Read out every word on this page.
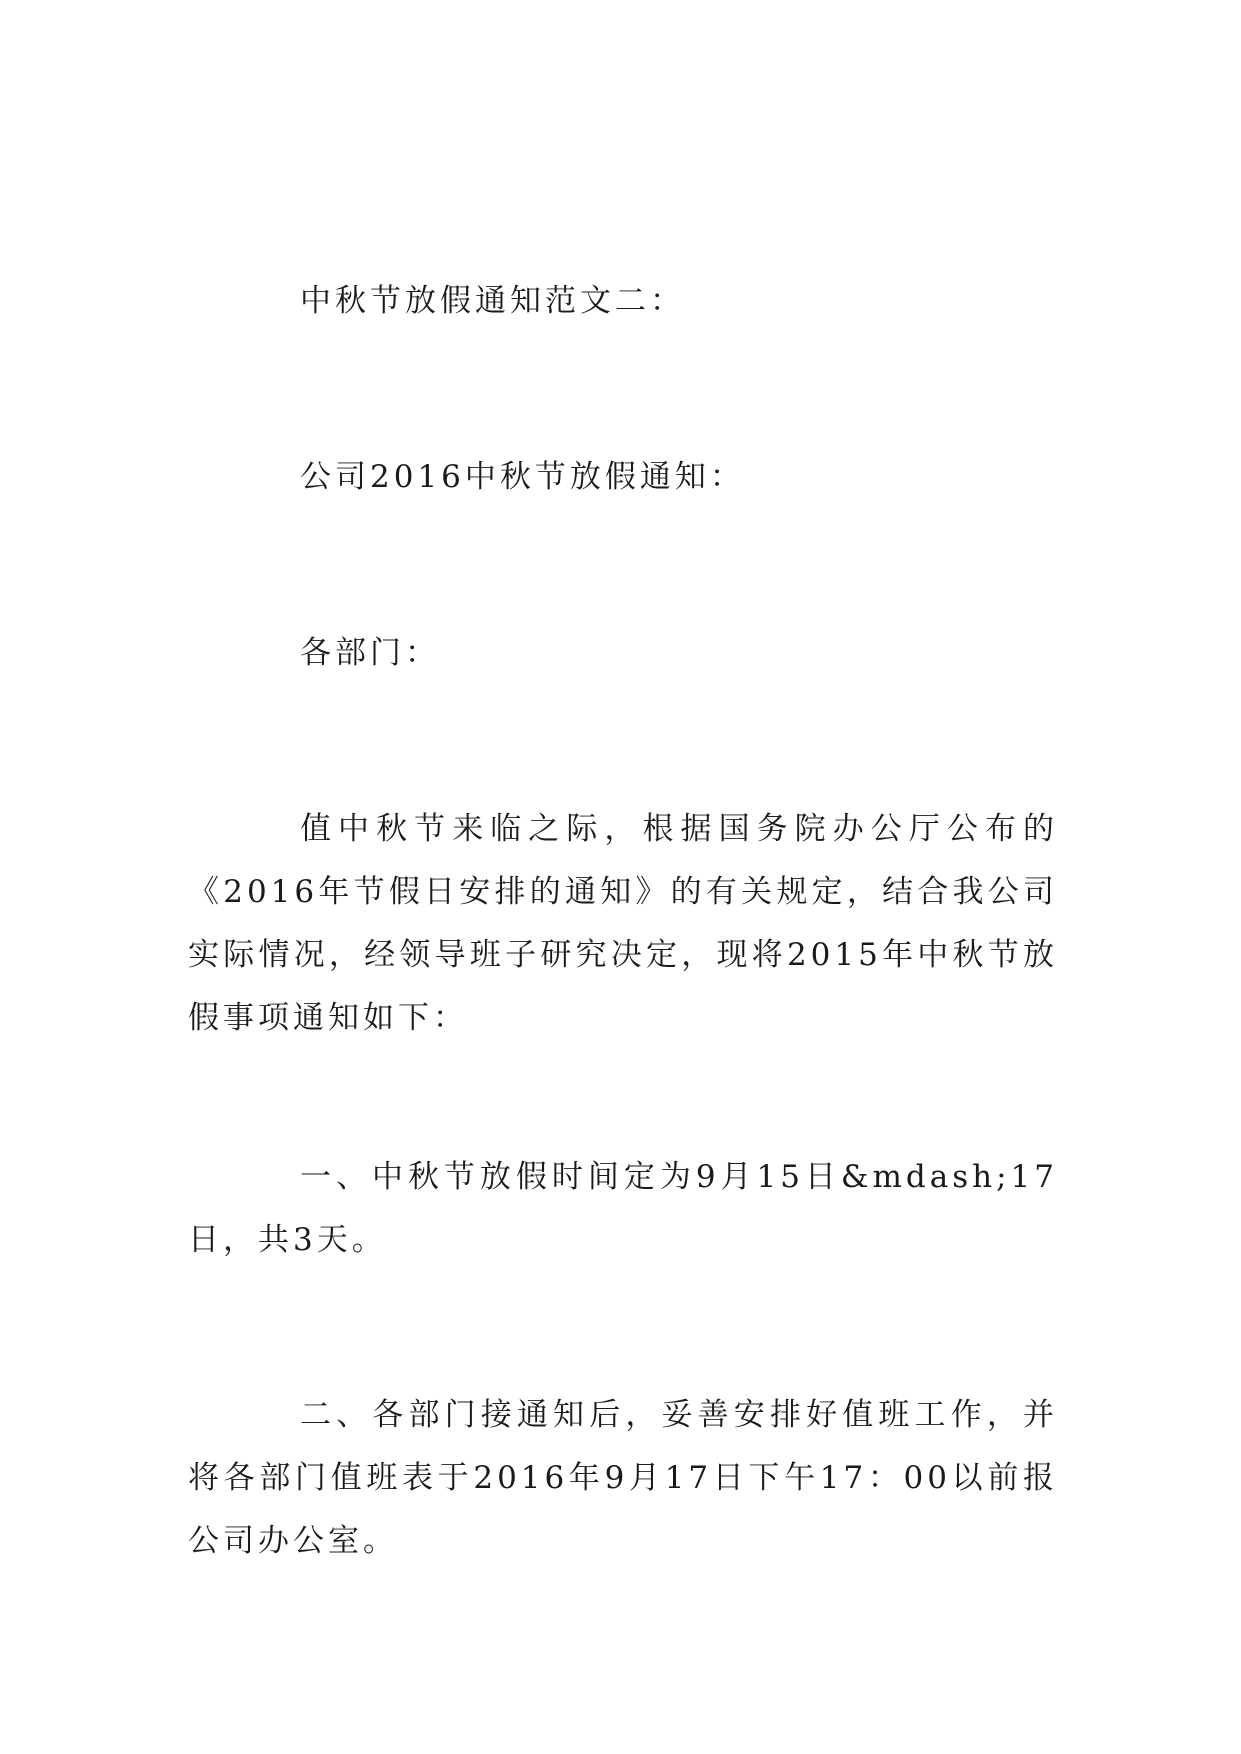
中秋节放假通知范文二：

公司2016中秋节放假通知：

各部门：

值中秋节来临之际，根据国务院办公厅公布的《2016年节假日安排的通知》的有关规定，结合我公司实际情况，经领导班子研究决定，现将2015年中秋节放假事项通知如下：

一、中秋节放假时间定为9月15日&mdash;17日，共3天。

二、各部门接通知后，妥善安排好值班工作，并将各部门值班表于2016年9月17日下午17：00以前报公司办公室。
